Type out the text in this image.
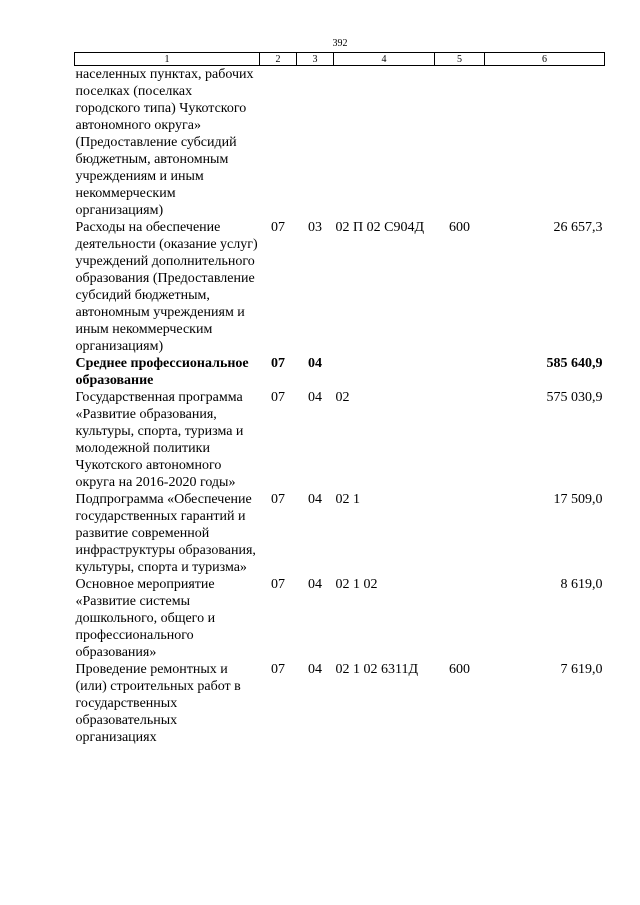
392
1	2	3	4	5	6
населенных пунктах, рабочих поселках (поселках городского типа) Чукотского автономного округа» (Предоставление субсидий бюджетным, автономным учреждениям и иным некоммерческим организациям)					
Расходы на обеспечение деятельности (оказание услуг) учреждений дополнительного образования (Предоставление субсидий бюджетным, автономным учреждениям и иным некоммерческим организациям)	07	03	02 П 02 С904Д	600	26 657,3
Среднее профессиональное образование	07	04			585 640,9
Государственная программа «Развитие образования, культуры, спорта, туризма и молодежной политики Чукотского автономного округа на 2016-2020 годы»	07	04	02		575 030,9
Подпрограмма «Обеспечение государственных гарантий и развитие современной инфраструктуры образования, культуры, спорта и туризма»	07	04	02 1		17 509,0
Основное мероприятие «Развитие системы дошкольного, общего и профессионального образования»	07	04	02 1 02		8 619,0
Проведение ремонтных и (или) строительных работ в государственных образовательных организациях	07	04	02 1 02 6311Д	600	7 619,0
